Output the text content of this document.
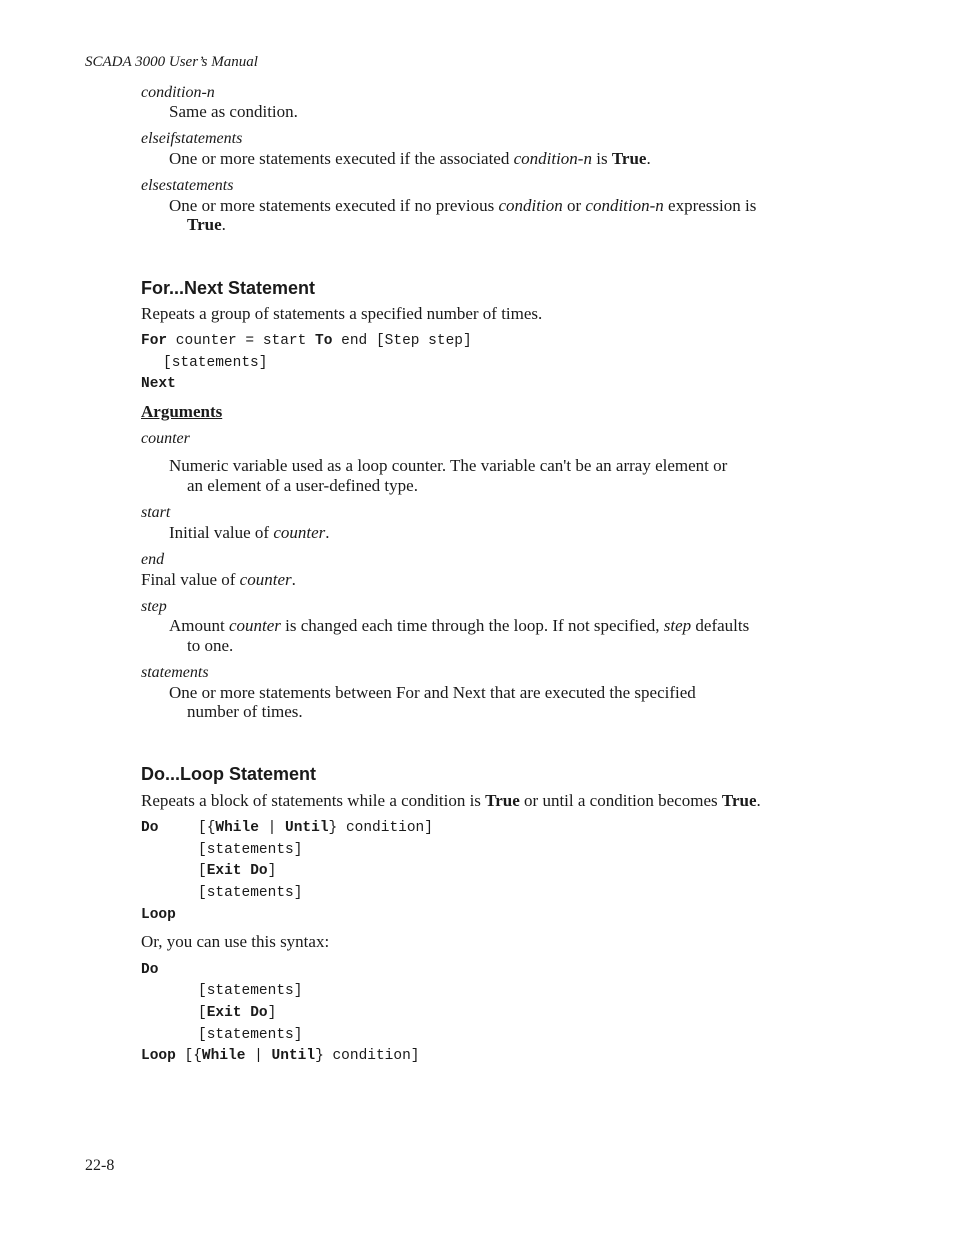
SCADA 3000 User’s Manual
condition-n
Same as condition.
elseifstatements
One or more statements executed if the associated condition-n is True.
elsestatements
One or more statements executed if no previous condition or condition-n expression is
True.
For...Next Statement
Repeats a group of statements a specified number of times.
For counter = start To end [Step step]
[statements]
Next
Arguments
counter
Numeric variable used as a loop counter. The variable can't be an array element or
an element of a user-defined type.
start
Initial value of counter.
end
Final value of counter.
step
Amount counter is changed each time through the loop. If not specified, step defaults
to one.
statements
One or more statements between For and Next that are executed the specified
number of times.
Do...Loop Statement
Repeats a block of statements while a condition is True or until a condition becomes True.
Do	[{While | Until} condition]
[statements]
[Exit Do]
[statements]
Loop
Or, you can use this syntax:
Do
[statements]
[Exit Do]
[statements]
Loop [{While | Until} condition]
22-8
